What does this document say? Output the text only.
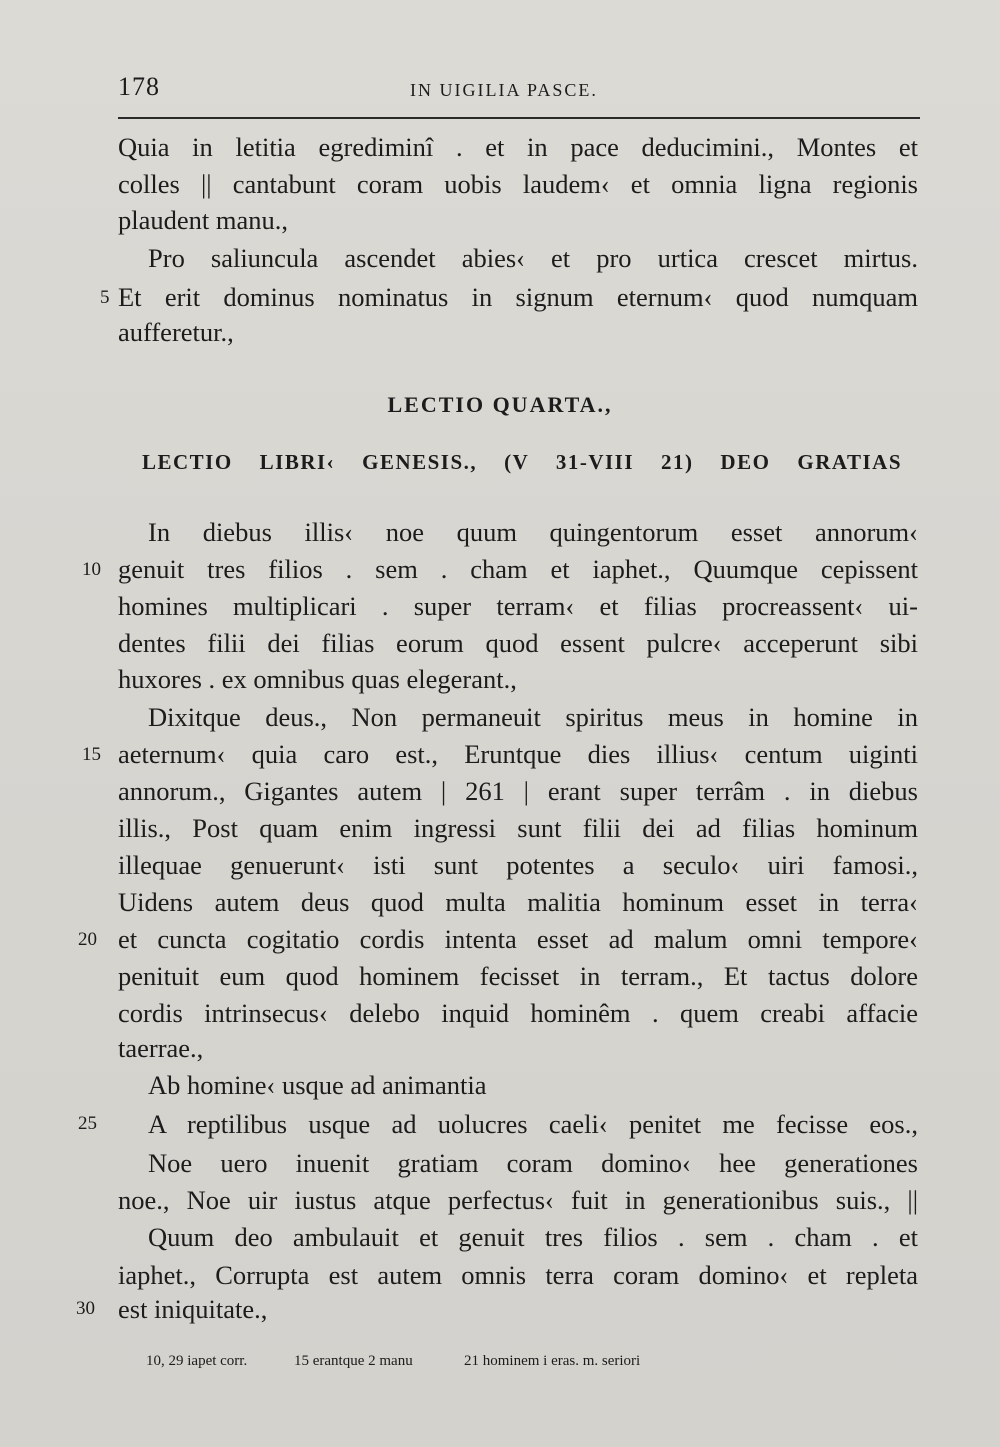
178	IN UIGILIA PASCE.
Quia in letitia egrediminî . et in pace deducimini., Montes et
colles || cantabunt coram uobis laudem‹ et omnia ligna regionis
plaudent manu.,
Pro saliuncula ascendet abies‹ et pro urtica crescet mirtus.
Et erit dominus nominatus in signum eternum‹ quod numquam
aufferetur.,
LECTIO QUARTA.,
LECTIO LIBRI‹ GENESIS., (V 31-VIII 21) DEO GRATIAS
In diebus illis‹ noe quum quingentorum esset annorum‹
genuit tres filios . sem . cham et iaphet., Quumque cepissent
homines multiplicari . super terram‹ et filias procreassent‹ ui-
dentes filii dei filias eorum quod essent pulcre‹ acceperunt sibi
huxores . ex omnibus quas elegerant.,
Dixitque deus., Non permaneuit spiritus meus in homine in
aeternum‹ quia caro est., Eruntque dies illius‹ centum uiginti
annorum., Gigantes autem | 261 | erant super terrâm . in diebus
illis., Post quam enim ingressi sunt filii dei ad filias hominum
illequae genuerunt‹ isti sunt potentes a seculo‹ uiri famosi.,
Uidens autem deus quod multa malitia hominum esset in terra‹
et cuncta cogitatio cordis intenta esset ad malum omni tempore‹
penituit eum quod hominem fecisset in terram., Et tactus dolore
cordis intrinsecus‹ delebo inquid hominêm . quem creabi affacie
taerrae.,
Ab homine‹ usque ad animantia
A reptilibus usque ad uolucres caeli‹ penitet me fecisse eos.,
Noe uero inuenit gratiam coram domino‹ hee generationes
noe., Noe uir iustus atque perfectus‹ fuit in generationibus suis., ||
Quum deo ambulauit et genuit tres filios . sem . cham . et
iaphet., Corrupta est autem omnis terra coram domino‹ et repleta
est iniquitate.,
5
10
15
20
25
30
10, 29 iapet corr.	15 erantque 2 manu	21 hominem i eras. m. seriori
